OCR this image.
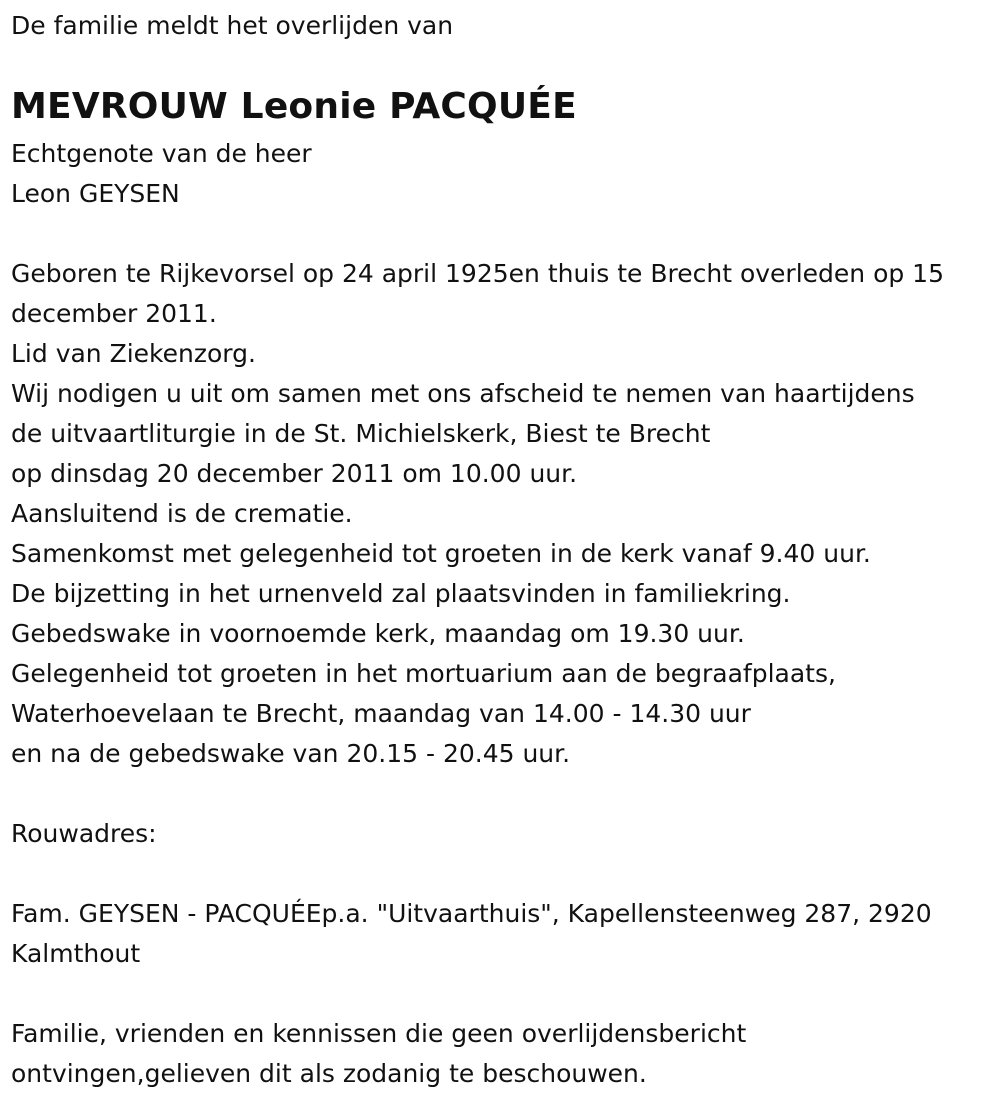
De familie meldt het overlijden van

MEVROUW Leonie PACQUÉE

Echtgenote van de heer

Leon GEYSEN

Geboren te Rijkevorsel op 24 april 1925en thuis te Brecht overleden op 15

december 2011.

Lid van Ziekenzorg.

Wij nodigen u uit om samen met ons afscheid te nemen van haartijdens

de uitvaartliturgie in de St. Michielskerk, Biest te Brecht

op dinsdag 20 december 2011 om 10.00 uur.

Aansluitend is de crematie.

Samenkomst met gelegenheid tot groeten in de kerk vanaf 9.40 uur.

De bijzetting in het urnenveld zal plaatsvinden in familiekring.

Gebedswake in voornoemde kerk, maandag om 19.30 uur.

Gelegenheid tot groeten in het mortuarium aan de begraafplaats,

Waterhoevelaan te Brecht, maandag van 14.00 - 14.30 uur

en na de gebedswake van 20.15 - 20.45 uur.

Rouwadres:

Fam. GEYSEN - PACQUÉEp.a. "Uitvaarthuis", Kapellensteenweg 287, 2920

Kalmthout

Familie, vrienden en kennissen die geen overlijdensbericht

ontvingen,gelieven dit als zodanig te beschouwen.
